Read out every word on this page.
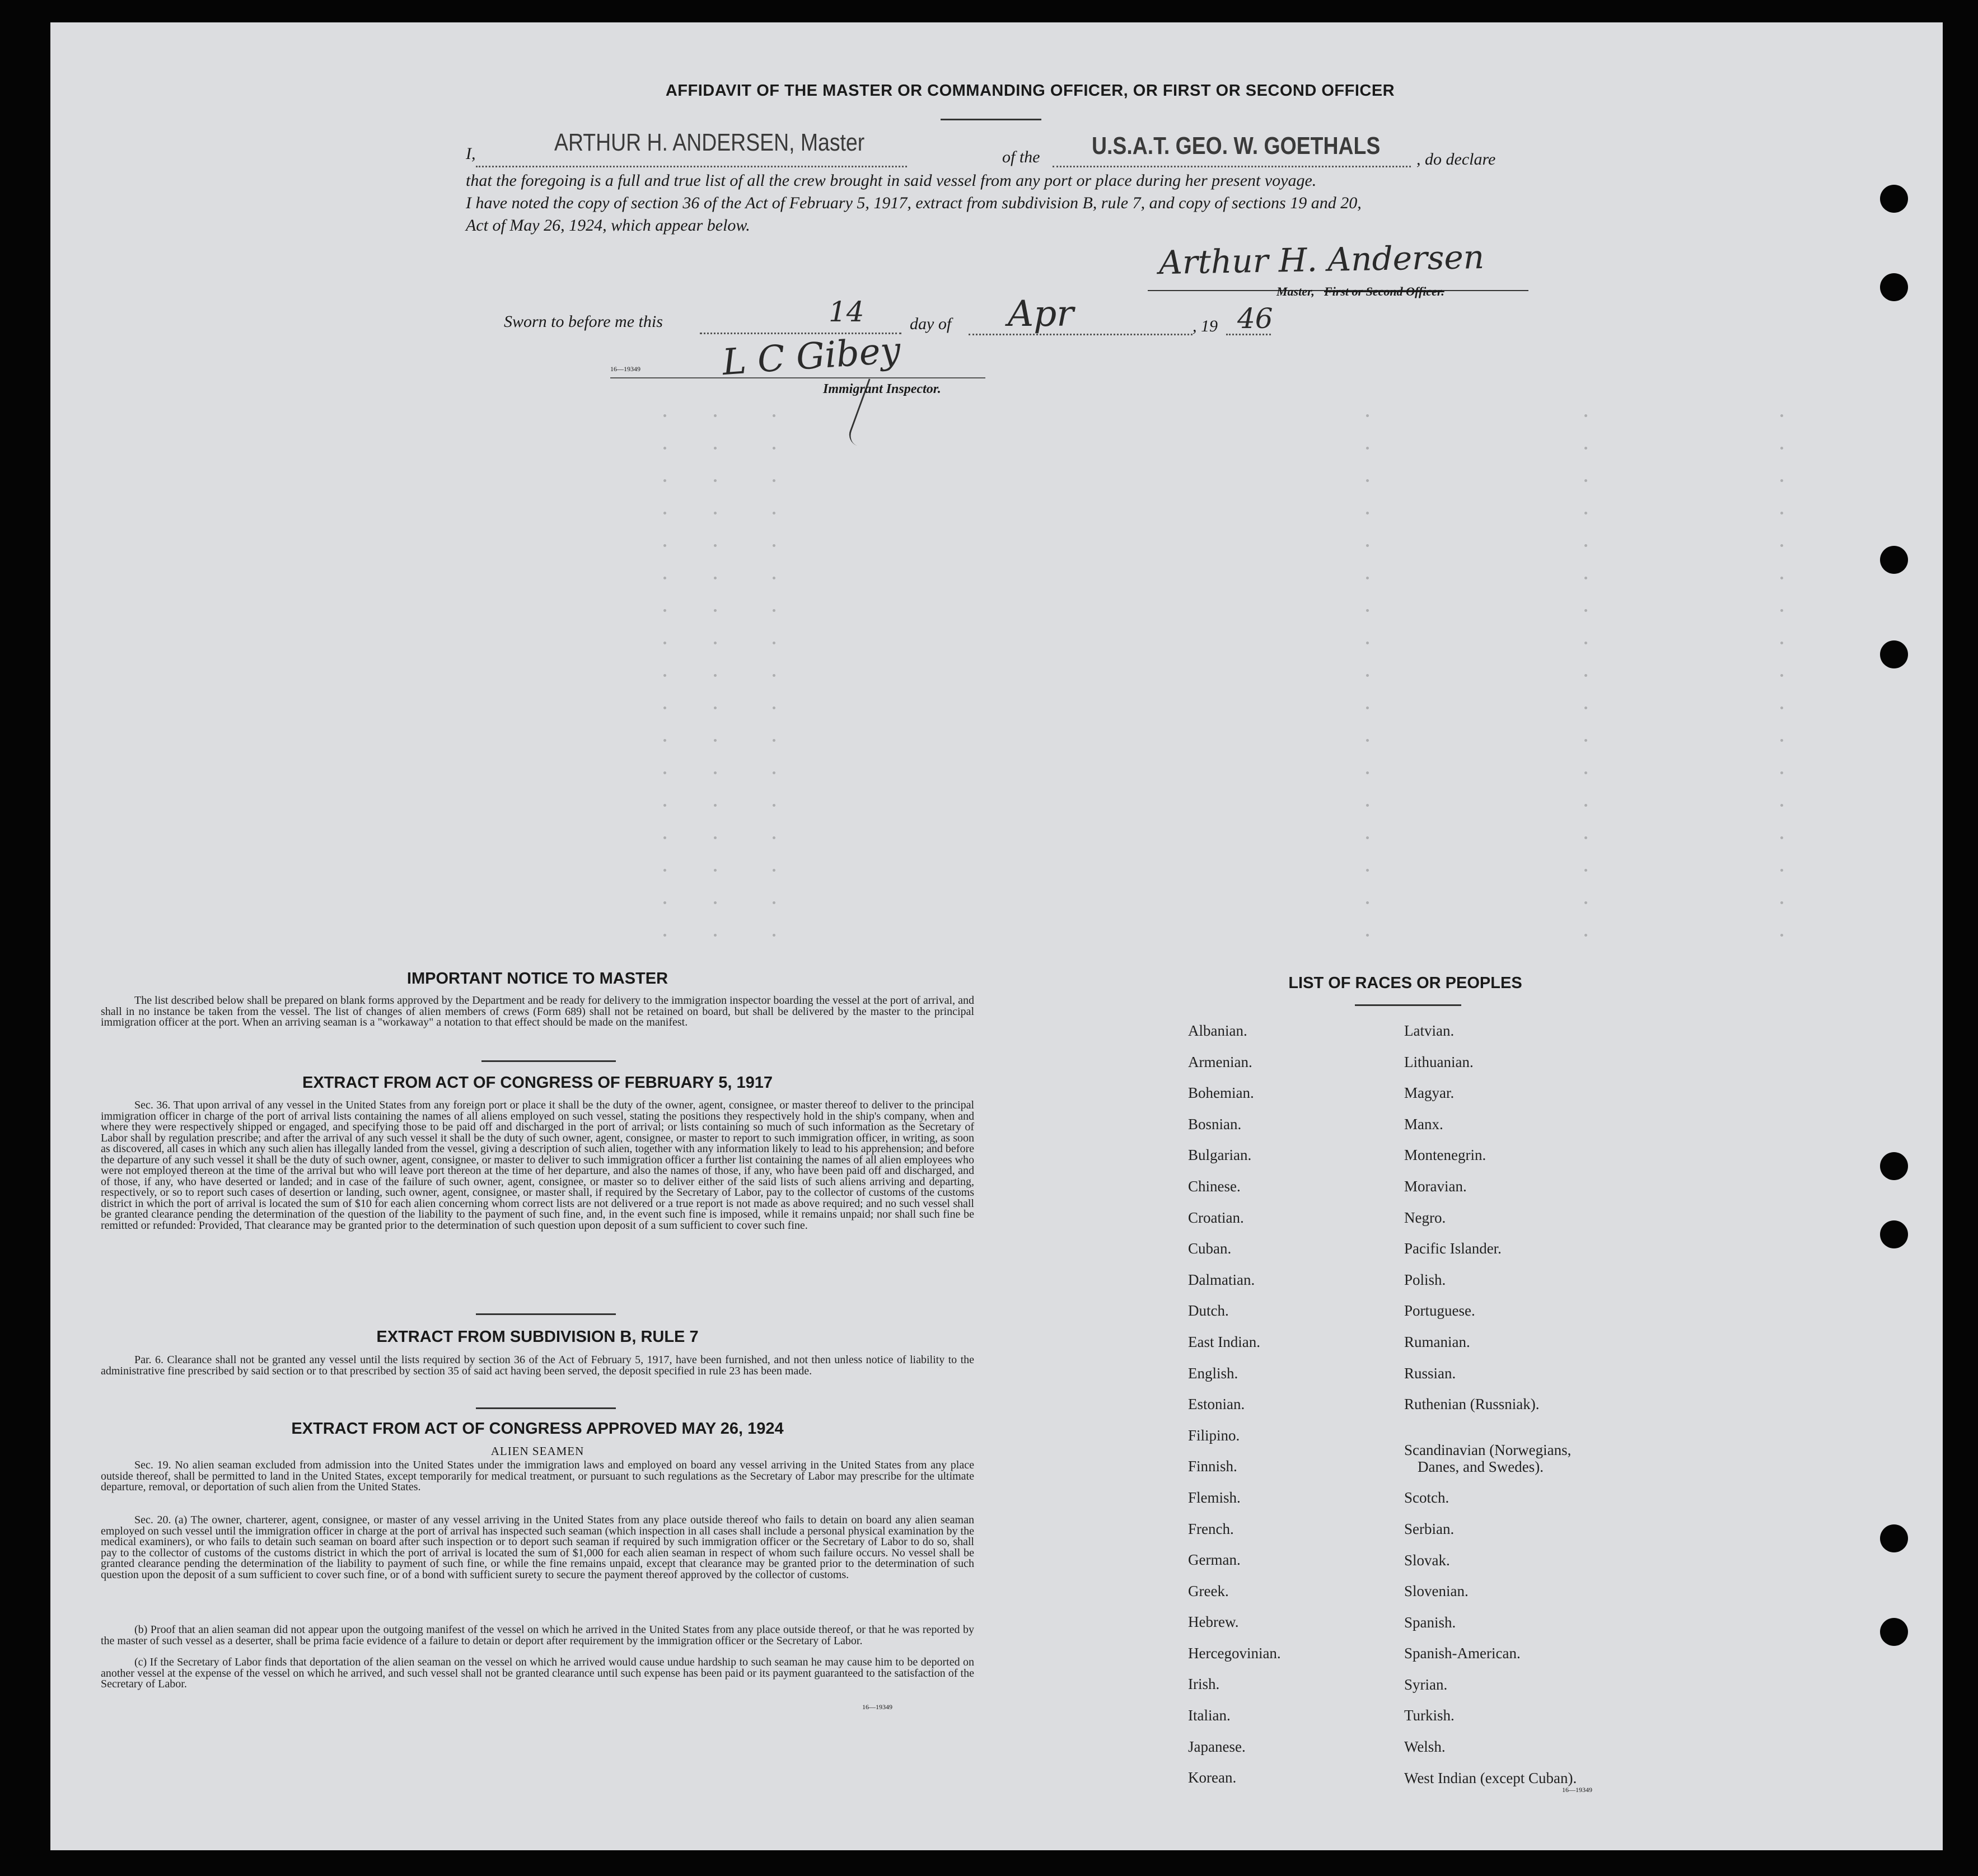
AFFIDAVIT OF THE MASTER OR COMMANDING OFFICER, OR FIRST OR SECOND OFFICER
I,	ARTHUR H. ANDERSEN, Master
of the U.S.A.T. GEO. W. GOETHALS , do declare
that the foregoing is a full and true list of all the crew brought in said vessel from any port or place during her present voyage.
I have noted the copy of section 36 of the Act of February 5, 1917, extract from subdivision B, rule 7, and copy of sections 19 and 20,
Act of May 26, 1924, which appear below.
Arthur H. Andersen
Master, First or Second Officer.
Sworn to before me this	14	day of Apr	, 19 46
L C Gibey
16—19349
Immigrant Inspector.
IMPORTANT NOTICE TO MASTER
The list described below shall be prepared on blank forms approved by the Department and be ready for delivery to the immigration inspector boarding the vessel at the port of arrival, and shall in no instance be taken from the vessel. The list of changes of alien members of crews (Form 689) shall not be retained on board, but shall be delivered by the master to the principal immigration officer at the port. When an arriving seaman is a "workaway" a notation to that effect should be made on the manifest.
EXTRACT FROM ACT OF CONGRESS OF FEBRUARY 5, 1917
Sec. 36. That upon arrival of any vessel in the United States from any foreign port or place it shall be the duty of the owner, agent, consignee, or master thereof to deliver to the principal immigration officer in charge of the port of arrival lists containing the names of all aliens employed on such vessel, stating the positions they respectively hold in the ship's company, when and where they were respectively shipped or engaged, and specifying those to be paid off and discharged in the port of arrival; or lists containing so much of such information as the Secretary of Labor shall by regulation prescribe; and after the arrival of any such vessel it shall be the duty of such owner, agent, consignee, or master to report to such immigration officer, in writing, as soon as discovered, all cases in which any such alien has illegally landed from the vessel, giving a description of such alien, together with any information likely to lead to his apprehension; and before the departure of any such vessel it shall be the duty of such owner, agent, consignee, or master to deliver to such immigration officer a further list containing the names of all alien employees who were not employed thereon at the time of the arrival but who will leave port thereon at the time of her departure, and also the names of those, if any, who have been paid off and discharged, and of those, if any, who have deserted or landed; and in case of the failure of such owner, agent, consignee, or master so to deliver either of the said lists of such aliens arriving and departing, respectively, or so to report such cases of desertion or landing, such owner, agent, consignee, or master shall, if required by the Secretary of Labor, pay to the collector of customs of the customs district in which the port of arrival is located the sum of $10 for each alien concerning whom correct lists are not delivered or a true report is not made as above required; and no such vessel shall be granted clearance pending the determination of the question of the liability to the payment of such fine, and, in the event such fine is imposed, while it remains unpaid; nor shall such fine be remitted or refunded: Provided, That clearance may be granted prior to the determination of such question upon deposit of a sum sufficient to cover such fine.
EXTRACT FROM SUBDIVISION B, RULE 7
Par. 6. Clearance shall not be granted any vessel until the lists required by section 36 of the Act of February 5, 1917, have been furnished, and not then unless notice of liability to the administrative fine prescribed by said section or to that prescribed by section 35 of said act having been served, the deposit specified in rule 23 has been made.
EXTRACT FROM ACT OF CONGRESS APPROVED MAY 26, 1924
ALIEN SEAMEN
Sec. 19. No alien seaman excluded from admission into the United States under the immigration laws and employed on board any vessel arriving in the United States from any place outside thereof, shall be permitted to land in the United States, except temporarily for medical treatment, or pursuant to such regulations as the Secretary of Labor may prescribe for the ultimate departure, removal, or deportation of such alien from the United States.
Sec. 20. (a) The owner, charterer, agent, consignee, or master of any vessel arriving in the United States from any place outside thereof who fails to detain on board any alien seaman employed on such vessel until the immigration officer in charge at the port of arrival has inspected such seaman (which inspection in all cases shall include a personal physical examination by the medical examiners), or who fails to detain such seaman on board after such inspection or to deport such seaman if required by such immigration officer or the Secretary of Labor to do so, shall pay to the collector of customs of the customs district in which the port of arrival is located the sum of $1,000 for each alien seaman in respect of whom such failure occurs. No vessel shall be granted clearance pending the determination of the liability to payment of such fine, or while the fine remains unpaid, except that clearance may be granted prior to the determination of such question upon the deposit of a sum sufficient to cover such fine, or of a bond with sufficient surety to secure the payment thereof approved by the collector of customs.
(b) Proof that an alien seaman did not appear upon the outgoing manifest of the vessel on which he arrived in the United States from any place outside thereof, or that he was reported by the master of such vessel as a deserter, shall be prima facie evidence of a failure to detain or deport after requirement by the immigration officer or the Secretary of Labor.
(c) If the Secretary of Labor finds that deportation of the alien seaman on the vessel on which he arrived would cause undue hardship to such seaman he may cause him to be deported on another vessel at the expense of the vessel on which he arrived, and such vessel shall not be granted clearance until such expense has been paid or its payment guaranteed to the satisfaction of the Secretary of Labor.
16—19349
LIST OF RACES OR PEOPLES
Albanian.
Armenian.
Bohemian.
Bosnian.
Bulgarian.
Chinese.
Croatian.
Cuban.
Dalmatian.
Dutch.
East Indian.
English.
Estonian.
Filipino.
Finnish.
Flemish.
French.
German.
Greek.
Hebrew.
Hercegovinian.
Irish.
Italian.
Japanese.
Korean.
Latvian.
Lithuanian.
Magyar.
Manx.
Montenegrin.
Moravian.
Negro.
Pacific Islander.
Polish.
Portuguese.
Rumanian.
Russian.
Ruthenian (Russniak).
Scandinavian (Norwegians,
Danes, and Swedes).
Scotch.
Serbian.
Slovak.
Slovenian.
Spanish.
Spanish-American.
Syrian.
Turkish.
Welsh.
West Indian (except Cuban).
16—19349
